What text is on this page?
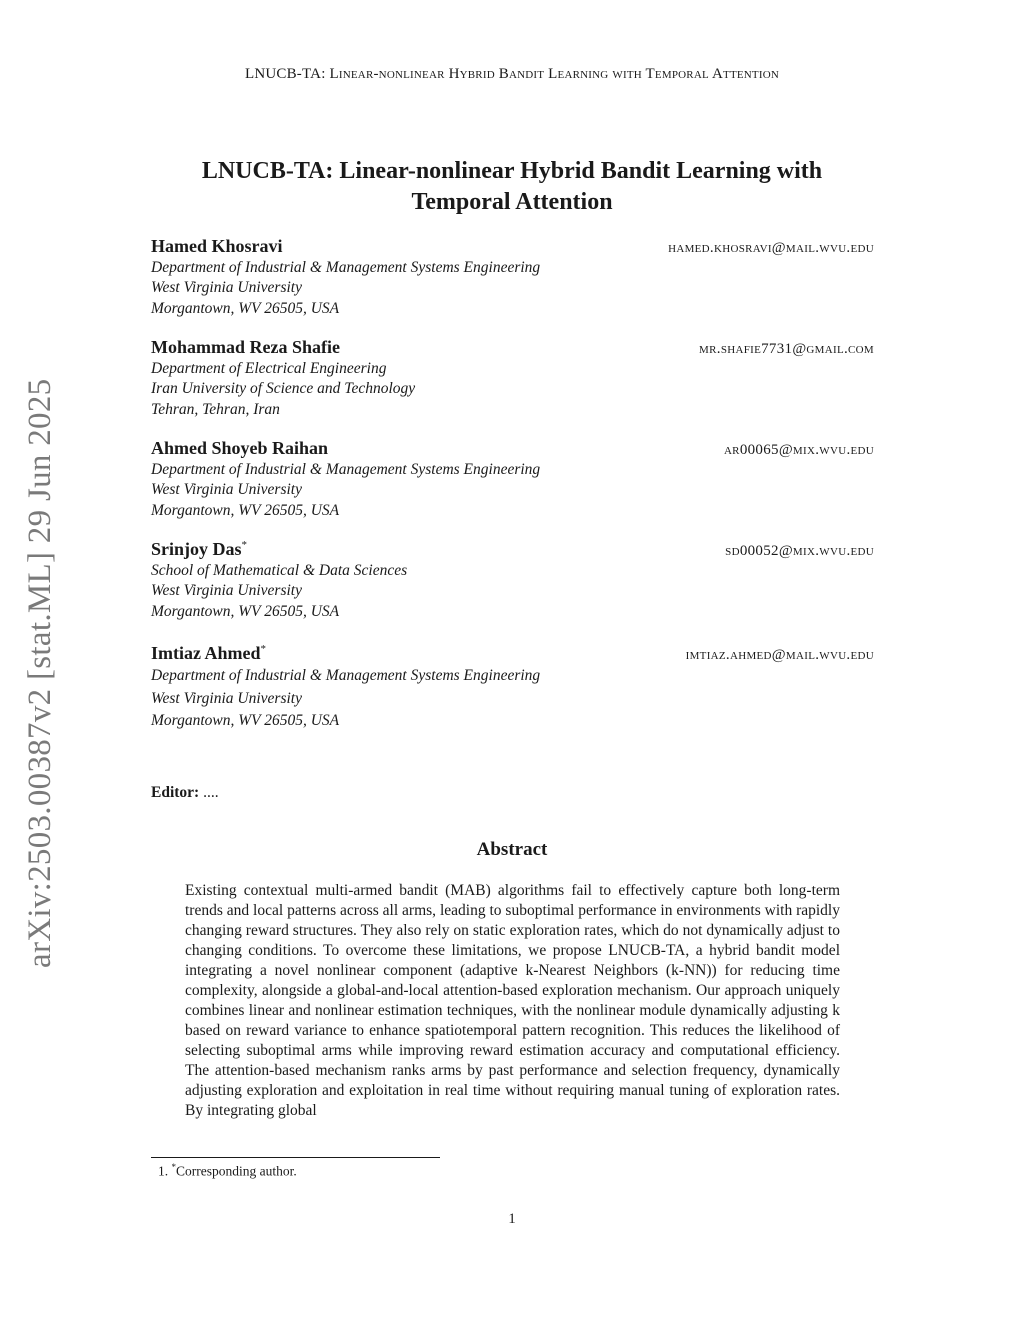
LNUCB-TA: Linear-nonlinear Hybrid Bandit Learning with Temporal Attention
arXiv:2503.00387v2 [stat.ML] 29 Jun 2025
LNUCB-TA: Linear-nonlinear Hybrid Bandit Learning with
Temporal Attention
Hamed Khosravi	hamed.khosravi@mail.wvu.edu
Department of Industrial & Management Systems Engineering
West Virginia University
Morgantown, WV 26505, USA
Mohammad Reza Shafie	mr.shafie7731@gmail.com
Department of Electrical Engineering
Iran University of Science and Technology
Tehran, Tehran, Iran
Ahmed Shoyeb Raihan	ar00065@mix.wvu.edu
Department of Industrial & Management Systems Engineering
West Virginia University
Morgantown, WV 26505, USA
Srinjoy Das*	sd00052@mix.wvu.edu
School of Mathematical & Data Sciences
West Virginia University
Morgantown, WV 26505, USA
Imtiaz Ahmed*	imtiaz.ahmed@mail.wvu.edu
Department of Industrial & Management Systems Engineering
West Virginia University
Morgantown, WV 26505, USA
Editor: ....
Abstract
Existing contextual multi-armed bandit (MAB) algorithms fail to effectively capture both long-term trends and local patterns across all arms, leading to suboptimal performance in environments with rapidly changing reward structures. They also rely on static exploration rates, which do not dynamically adjust to changing conditions. To overcome these limitations, we propose LNUCB-TA, a hybrid bandit model integrating a novel nonlinear component (adaptive k-Nearest Neighbors (k-NN)) for reducing time complexity, alongside a global-and-local attention-based exploration mechanism. Our approach uniquely combines linear and nonlinear estimation techniques, with the nonlinear module dynamically adjusting k based on reward variance to enhance spatiotemporal pattern recognition. This reduces the likelihood of selecting suboptimal arms while improving reward estimation accuracy and computational efficiency. The attention-based mechanism ranks arms by past performance and selection frequency, dynamically adjusting exploration and exploitation in real time without requiring manual tuning of exploration rates. By integrating global
1. *Corresponding author.
1
